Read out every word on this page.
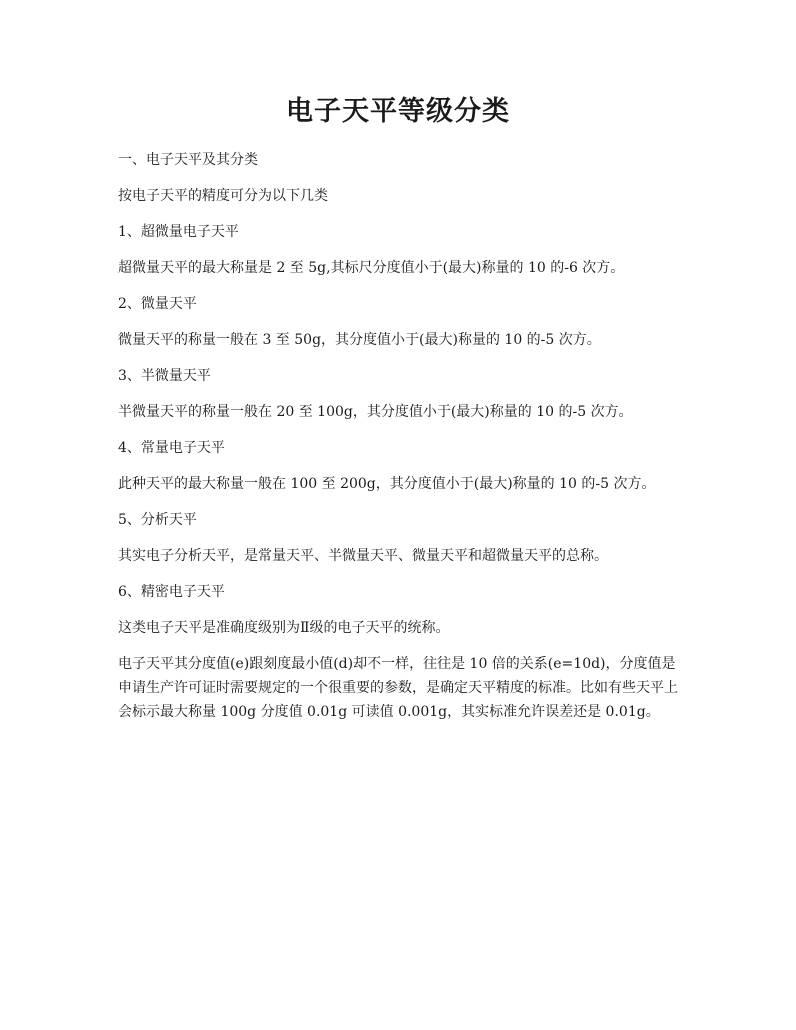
电子天平等级分类

一、电子天平及其分类

按电子天平的精度可分为以下几类

1、超微量电子天平

超微量天平的最大称量是 2 至 5g,其标尺分度值小于(最大)称量的 10 的-6 次方。

2、微量天平

微量天平的称量一般在 3 至 50g，其分度值小于(最大)称量的 10 的-5 次方。

3、半微量天平

半微量天平的称量一般在 20 至 100g，其分度值小于(最大)称量的 10 的-5 次方。

4、常量电子天平

此种天平的最大称量一般在 100 至 200g，其分度值小于(最大)称量的 10 的-5 次方。

5、分析天平

其实电子分析天平，是常量天平、半微量天平、微量天平和超微量天平的总称。

6、精密电子天平

这类电子天平是准确度级别为Ⅱ级的电子天平的统称。

电子天平其分度值(e)跟刻度最小值(d)却不一样，往往是 10 倍的关系(e=10d)，分度值是申请生产许可证时需要规定的一个很重要的参数，是确定天平精度的标准。比如有些天平上会标示最大称量 100g 分度值 0.01g 可读值 0.001g，其实标准允许误差还是 0.01g。
